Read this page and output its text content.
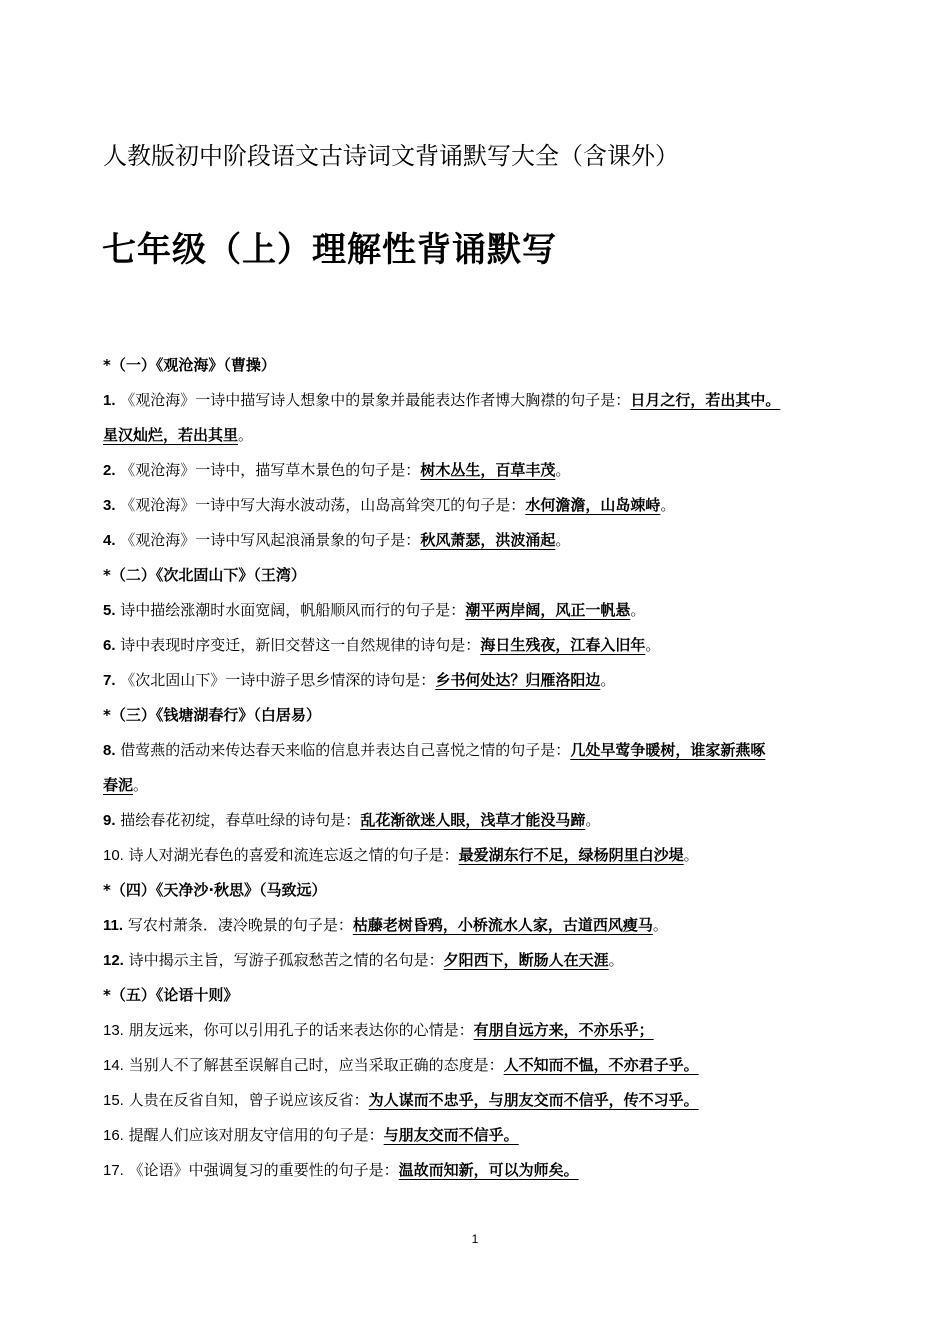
人教版初中阶段语文古诗词文背诵默写大全（含课外）
七年级（上）理解性背诵默写
*（一）《观沧海》（曹操）
1. 《观沧海》一诗中描写诗人想象中的景象并最能表达作者博大胸襟的句子是：日月之行，若出其中。
星汉灿烂，若出其里。
2. 《观沧海》一诗中，描写草木景色的句子是：树木丛生，百草丰茂。
3. 《观沧海》一诗中写大海水波动荡，山岛高耸突兀的句子是：水何澹澹，山岛竦峙。
4. 《观沧海》一诗中写风起浪涌景象的句子是：秋风萧瑟，洪波涌起。
*（二）《次北固山下》（王湾）
5. 诗中描绘涨潮时水面宽阔，帆船顺风而行的句子是：潮平两岸阔，风正一帆悬。
6. 诗中表现时序变迁，新旧交替这一自然规律的诗句是：海日生残夜，江春入旧年。
7. 《次北固山下》一诗中游子思乡情深的诗句是：乡书何处达？归雁洛阳边。
*（三）《钱塘湖春行》（白居易）
8. 借莺燕的活动来传达春天来临的信息并表达自己喜悦之情的句子是：几处早莺争暖树，谁家新燕啄
春泥。
9. 描绘春花初绽，春草吐绿的诗句是：乱花渐欲迷人眼，浅草才能没马蹄。
10. 诗人对湖光春色的喜爱和流连忘返之情的句子是：最爱湖东行不足，绿杨阴里白沙堤。
*（四）《天净沙·秋思》（马致远）
11. 写农村萧条．凄冷晚景的句子是：枯藤老树昏鸦，小桥流水人家，古道西风瘦马。
12. 诗中揭示主旨，写游子孤寂愁苦之情的名句是：夕阳西下，断肠人在天涯。
*（五）《论语十则》
13. 朋友远来，你可以引用孔子的话来表达你的心情是：有朋自远方来，不亦乐乎；
14. 当别人不了解甚至误解自己时，应当采取正确的态度是：人不知而不愠，不亦君子乎。
15. 人贵在反省自知，曾子说应该反省：为人谋而不忠乎，与朋友交而不信乎，传不习乎。
16. 提醒人们应该对朋友守信用的句子是：与朋友交而不信乎。
17. 《论语》中强调复习的重要性的句子是：温故而知新，可以为师矣。
1
